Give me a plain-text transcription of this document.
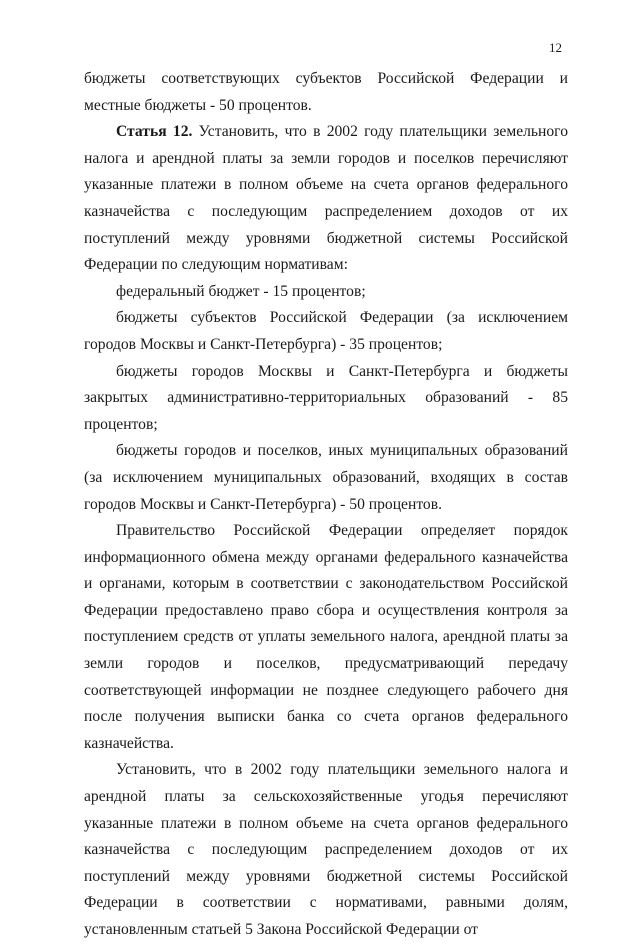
12

бюджеты соответствующих субъектов Российской Федерации и местные бюджеты - 50 процентов.

Статья 12. Установить, что в 2002 году плательщики земельного налога и арендной платы за земли городов и поселков перечисляют указанные платежи в полном объеме на счета органов федерального казначейства с последующим распределением доходов от их поступлений между уровнями бюджетной системы Российской Федерации по следующим нормативам:

федеральный бюджет - 15 процентов;

бюджеты субъектов Российской Федерации (за исключением городов Москвы и Санкт-Петербурга) - 35 процентов;

бюджеты городов Москвы и Санкт-Петербурга и бюджеты закрытых административно-территориальных образований - 85 процентов;

бюджеты городов и поселков, иных муниципальных образований (за исключением муниципальных образований, входящих в состав городов Москвы и Санкт-Петербурга) - 50 процентов.

Правительство Российской Федерации определяет порядок информационного обмена между органами федерального казначейства и органами, которым в соответствии с законодательством Российской Федерации предоставлено право сбора и осуществления контроля за поступлением средств от уплаты земельного налога, арендной платы за земли городов и поселков, предусматривающий передачу соответствующей информации не позднее следующего рабочего дня после получения выписки банка со счета органов федерального казначейства.

Установить, что в 2002 году плательщики земельного налога и арендной платы за сельскохозяйственные угодья перечисляют указанные платежи в полном объеме на счета органов федерального казначейства с последующим распределением доходов от их поступлений между уровнями бюджетной системы Российской Федерации в соответствии с нормативами, равными долям, установленным статьей 5 Закона Российской Федерации от
